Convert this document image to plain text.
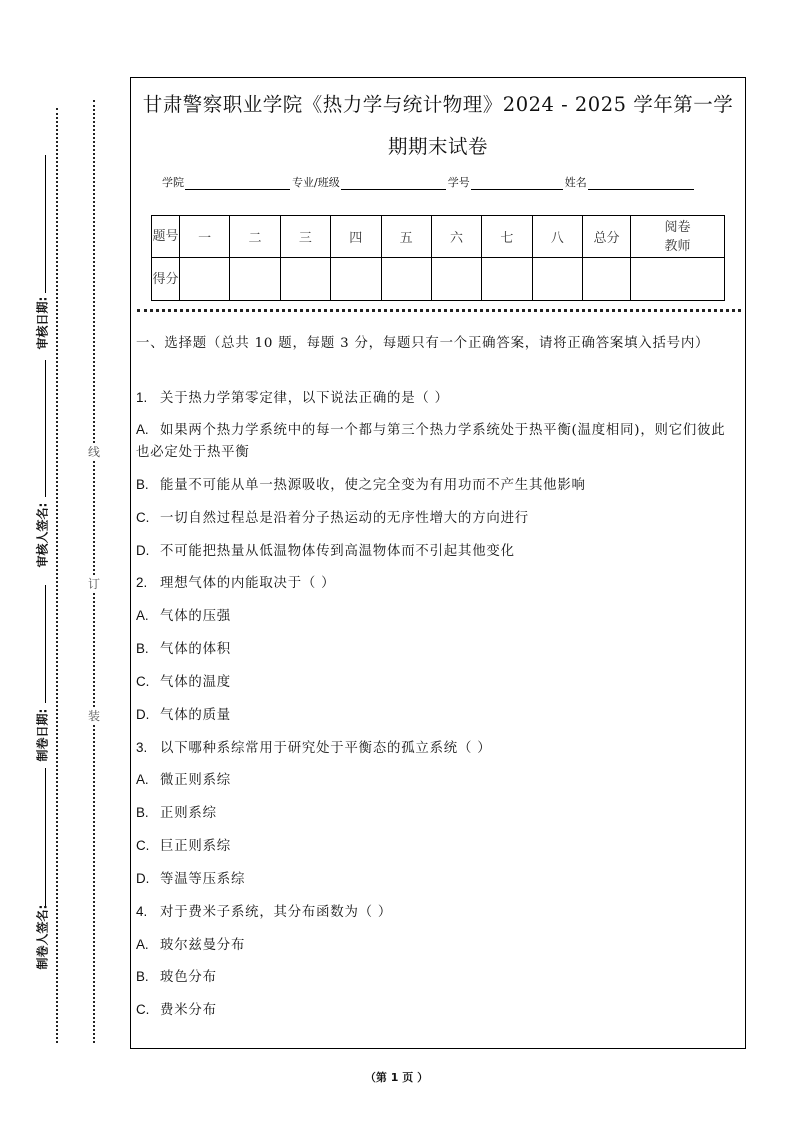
线
订
装
审核日期:
审核人签名:
制卷日期:
制卷人签名:
甘肃警察职业学院《热力学与统计物理》2024 - 2025 学年第一学
期期末试卷
学院	专业/班级	学号	姓名
题号	一	二	三	四	五	六	七	八	总分	阅卷
教师

得分										
一、选择题（总共 10 题，每题 3 分，每题只有一个正确答案，请将正确答案填入括号内）
1. 关于热力学第零定律，以下说法正确的是（ ）
A. 如果两个热力学系统中的每一个都与第三个热力学系统处于热平衡(温度相同)，则它们彼此也必定处于热平衡
B. 能量不可能从单一热源吸收，使之完全变为有用功而不产生其他影响
C. 一切自然过程总是沿着分子热运动的无序性增大的方向进行
D. 不可能把热量从低温物体传到高温物体而不引起其他变化
2. 理想气体的内能取决于（ ）
A. 气体的压强
B. 气体的体积
C. 气体的温度
D. 气体的质量
3. 以下哪种系综常用于研究处于平衡态的孤立系统（ ）
A. 微正则系综
B. 正则系综
C. 巨正则系综
D. 等温等压系综
4. 对于费米子系统，其分布函数为（ ）
A. 玻尔兹曼分布
B. 玻色分布
C. 费米分布
（第 1 页 ）
